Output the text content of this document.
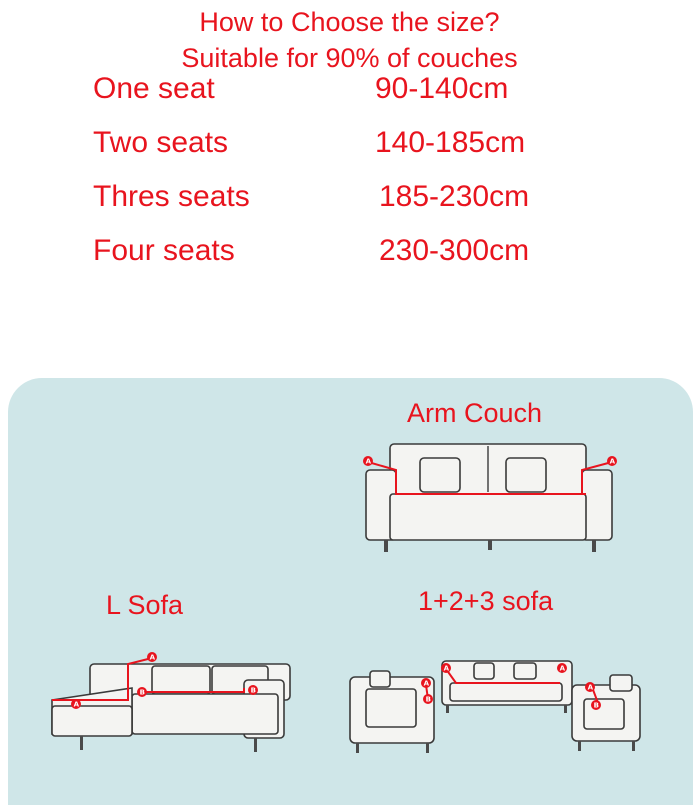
How to Choose the size?
Suitable for 90% of couches
One seat	90-140cm
Two seats	140-185cm
Thres seats	185-230cm
Four seats	230-300cm
Arm Couch
L Sofa	1+2+3 sofa
A	A
A
A
B	B
A	A
A
B
A
B
